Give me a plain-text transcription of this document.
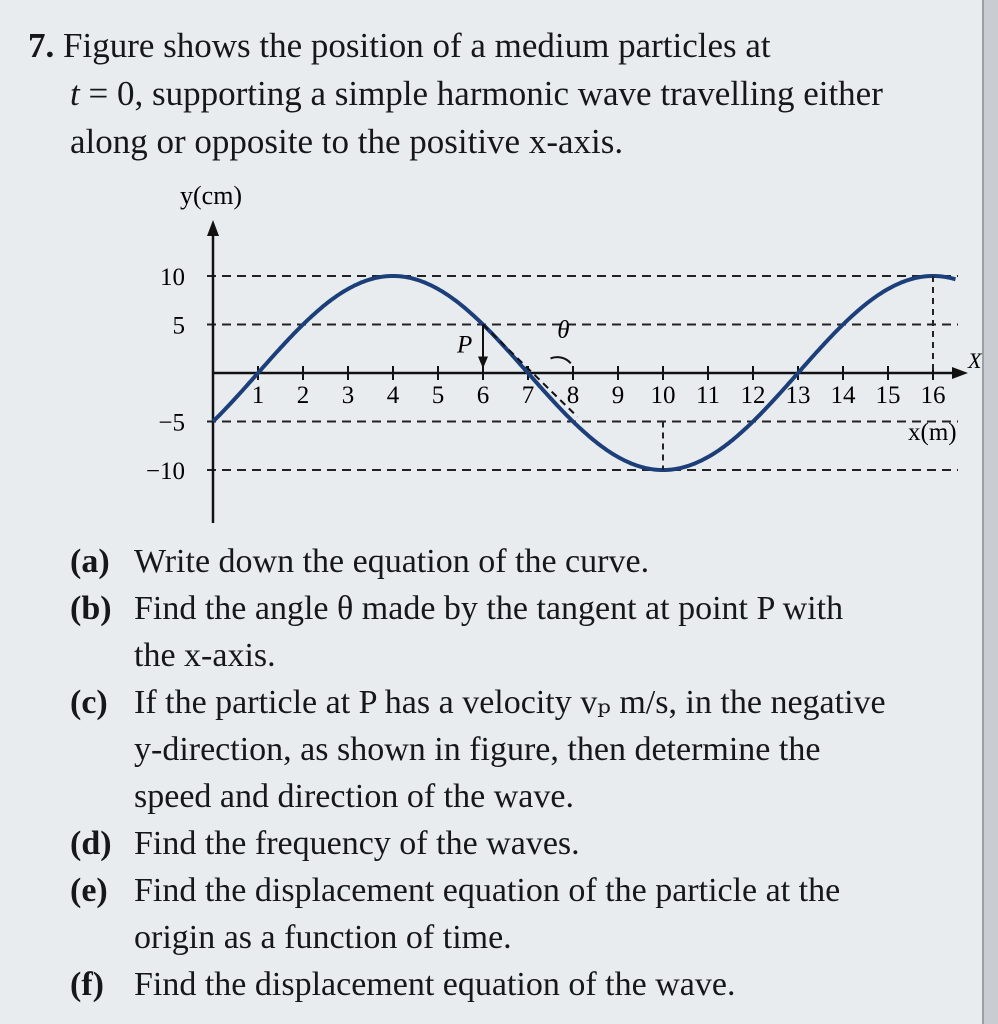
7. Figure shows the position of a medium particles at
t = 0, supporting a simple harmonic wave travelling either
along or opposite to the positive x-axis.
y(cm)
X
x(m)
10
5
−5
−10
1 2 3 4 5 6 7 8 9 10 11 12 13 14 15 16
P
θ
(a) Write down the equation of the curve.
(b) Find the angle θ made by the tangent at point P with
the x-axis.
(c) If the particle at P has a velocity vₚ m/s, in the negative
y-direction, as shown in figure, then determine the
speed and direction of the wave.
(d) Find the frequency of the waves.
(e) Find the displacement equation of the particle at the
origin as a function of time.
(f) Find the displacement equation of the wave.
